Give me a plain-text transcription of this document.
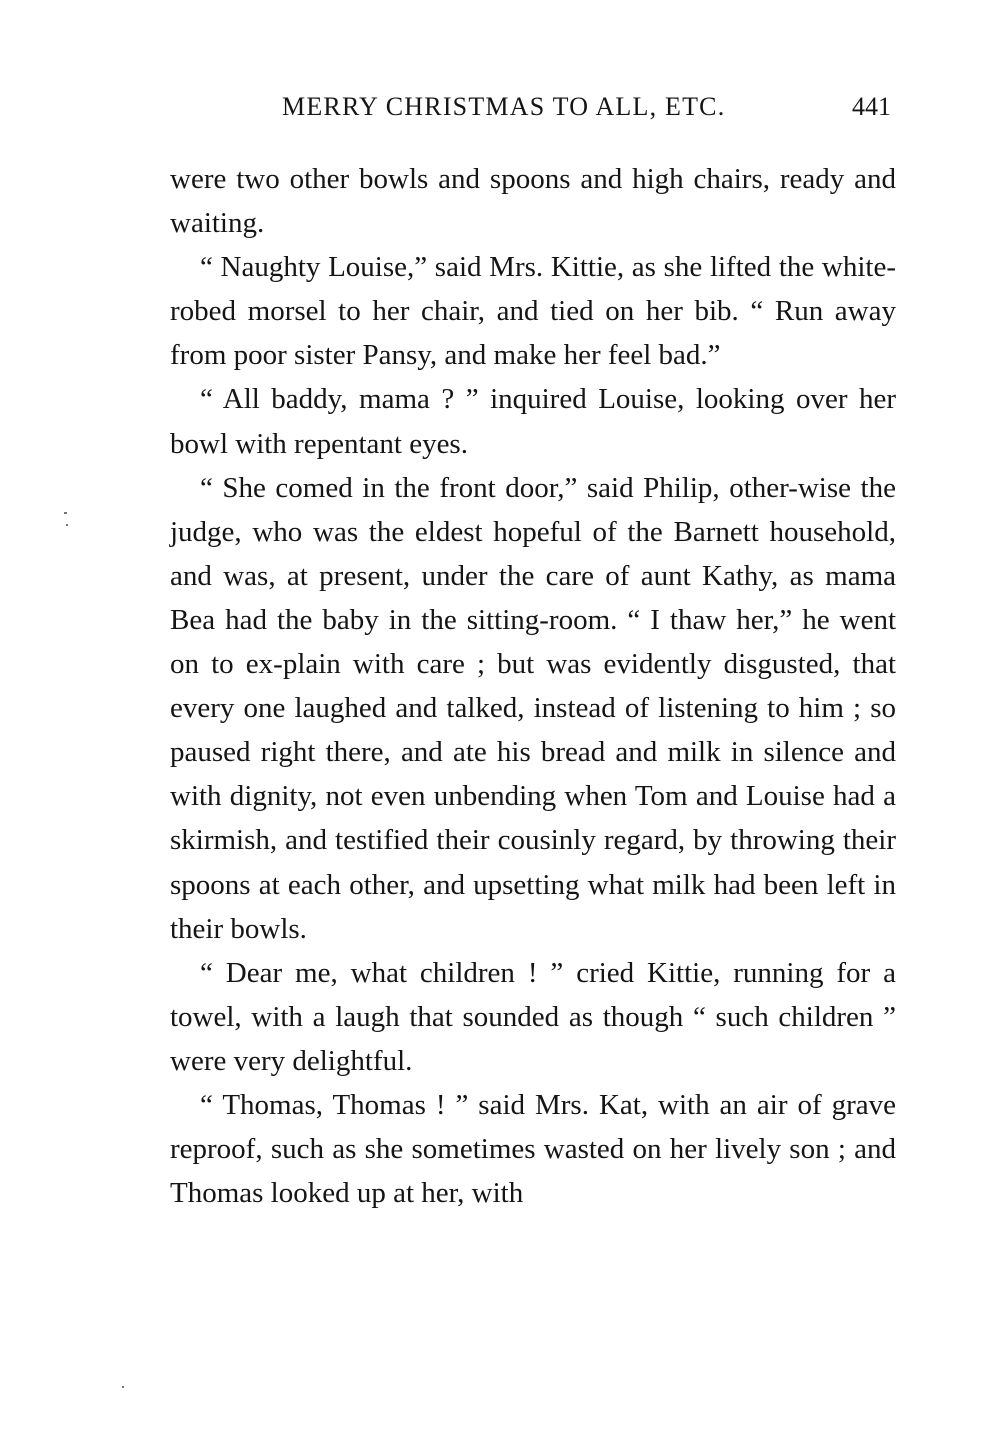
MERRY CHRISTMAS TO ALL, ETC.	441

were two other bowls and spoons and high chairs, ready and waiting.

“ Naughty Louise,” said Mrs. Kittie, as she lifted the white-robed morsel to her chair, and tied on her bib. “ Run away from poor sister Pansy, and make her feel bad.”

“ All baddy, mama ? ” inquired Louise, looking over her bowl with repentant eyes.

“ She comed in the front door,” said Philip, other-wise the judge, who was the eldest hopeful of the Barnett household, and was, at present, under the care of aunt Kathy, as mama Bea had the baby in the sitting-room. “ I thaw her,” he went on to ex-plain with care ; but was evidently disgusted, that every one laughed and talked, instead of listening to him ; so paused right there, and ate his bread and milk in silence and with dignity, not even unbending when Tom and Louise had a skirmish, and testified their cousinly regard, by throwing their spoons at each other, and upsetting what milk had been left in their bowls.

“ Dear me, what children ! ” cried Kittie, running for a towel, with a laugh that sounded as though “ such children ” were very delightful.

“ Thomas, Thomas ! ” said Mrs. Kat, with an air of grave reproof, such as she sometimes wasted on her lively son ; and Thomas looked up at her, with
